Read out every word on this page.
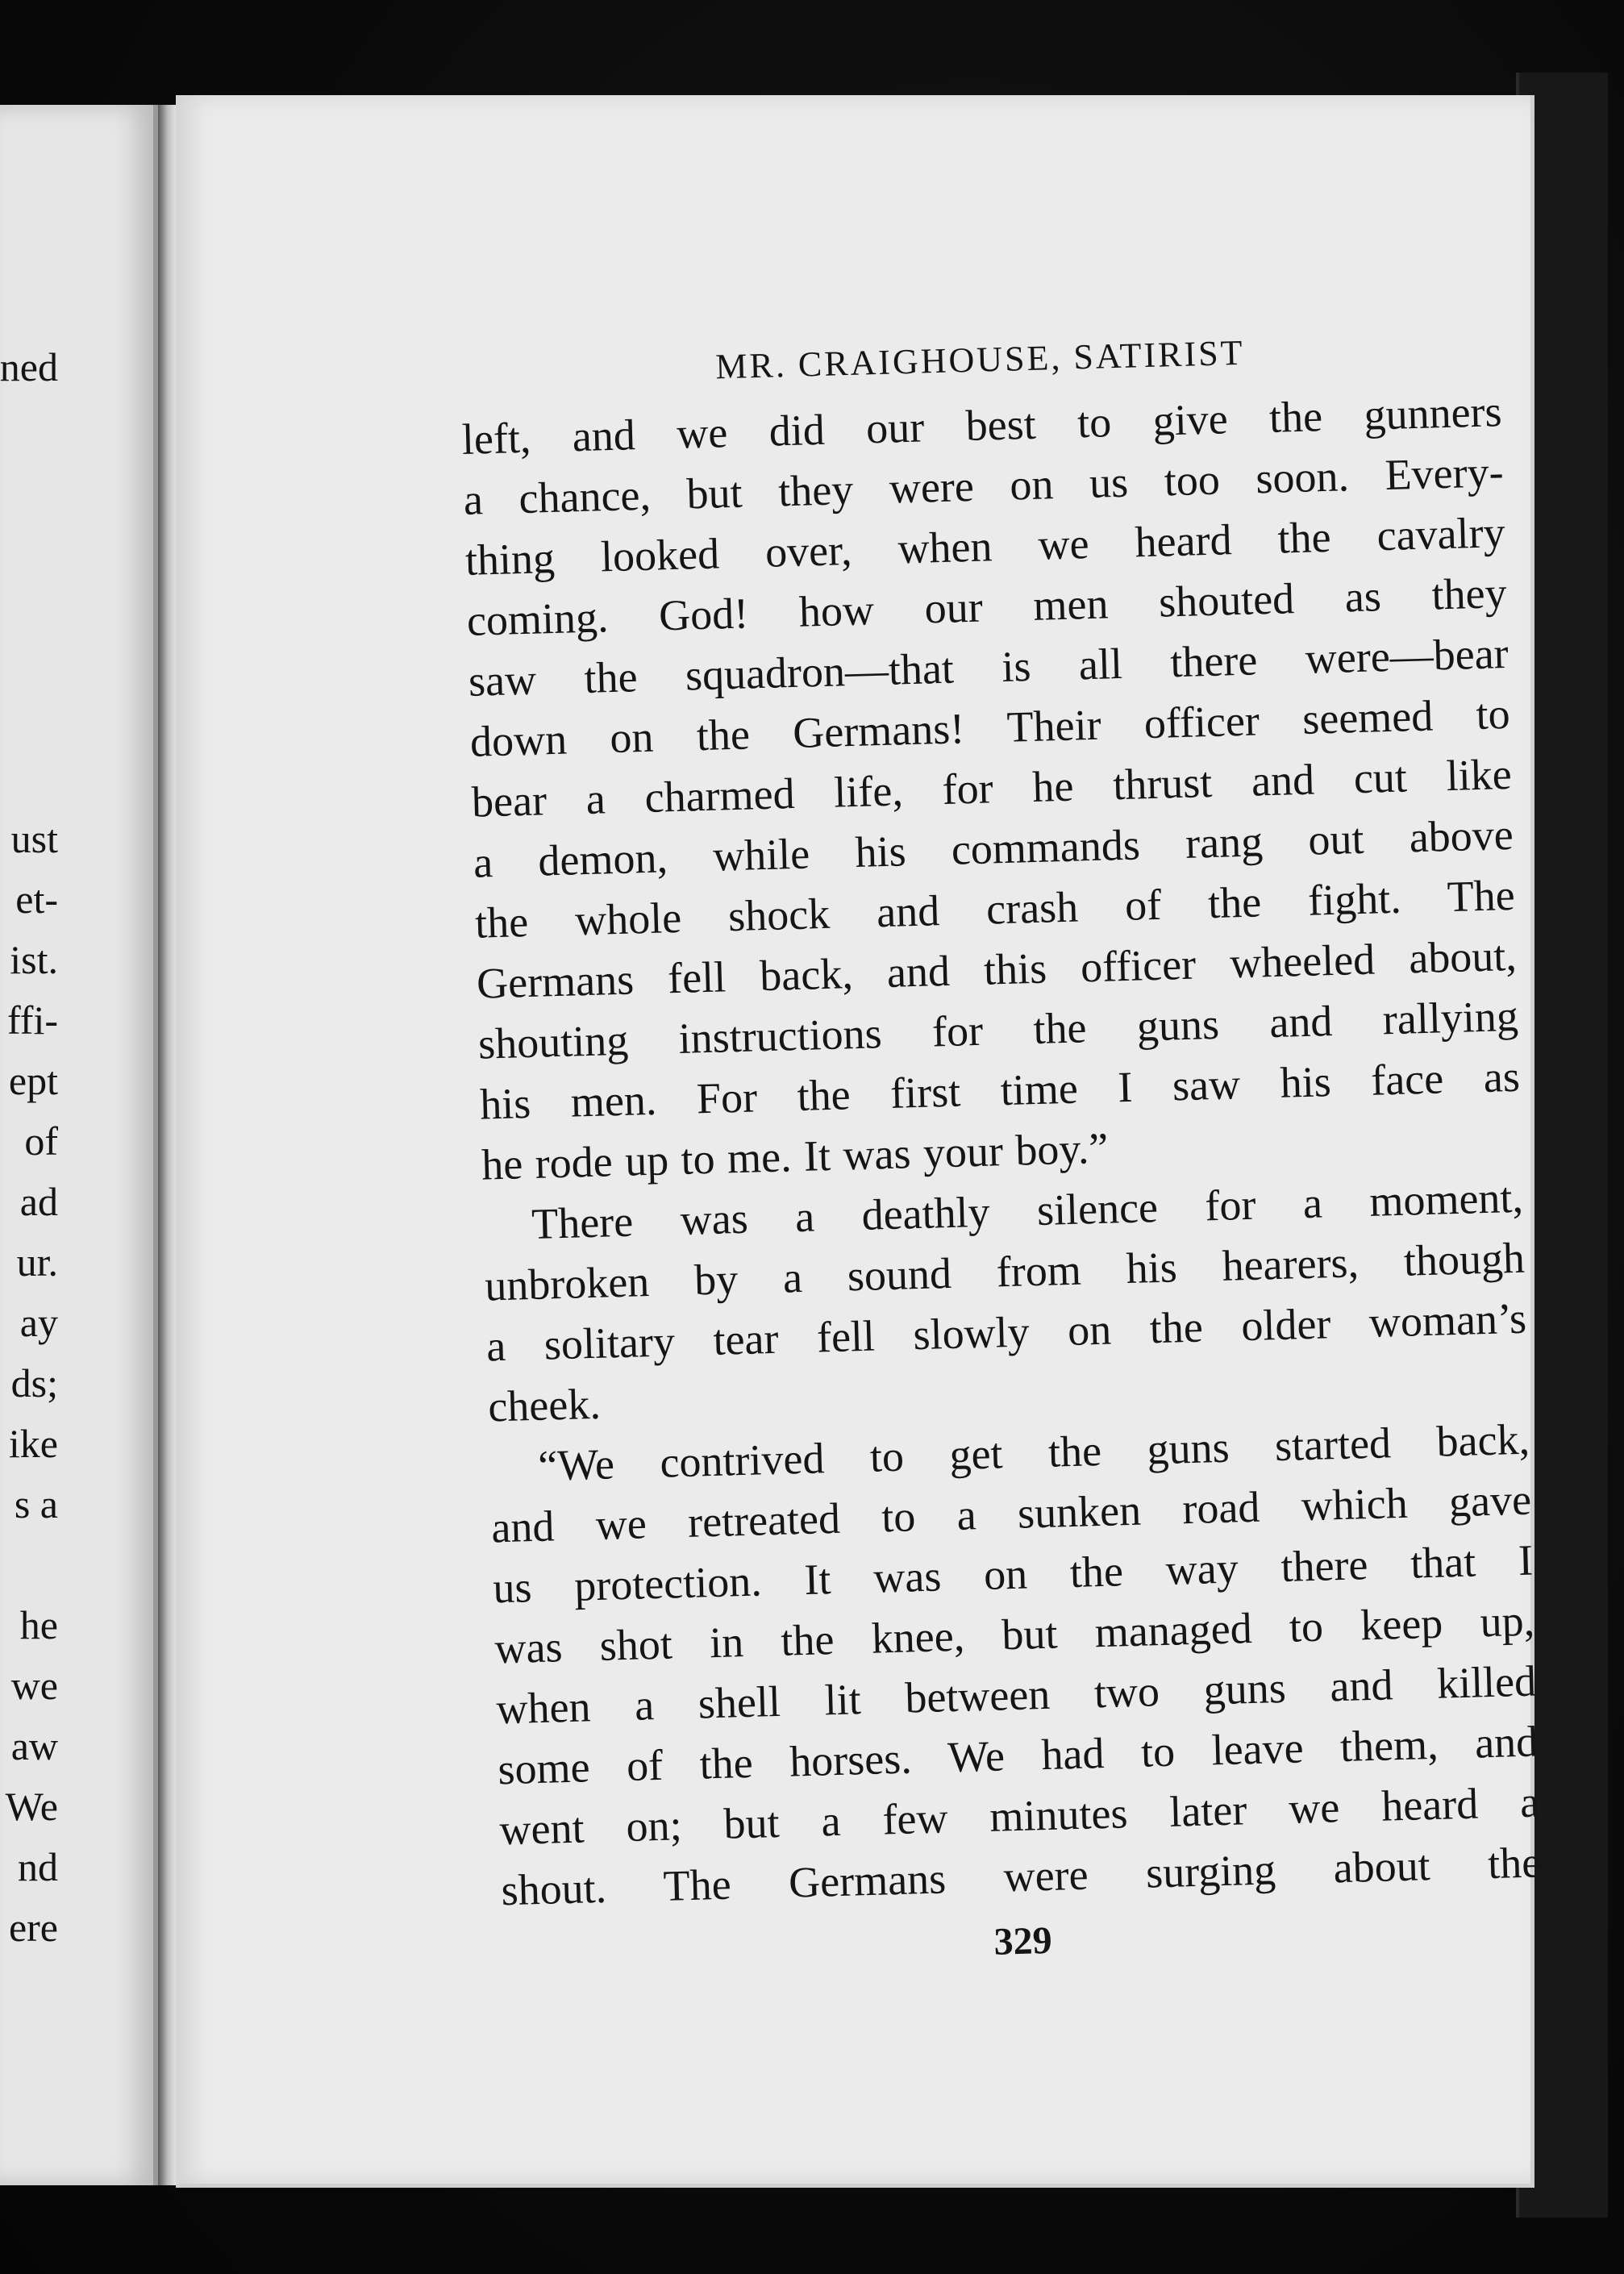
ned
ust
et-
ist.
ffi-
ept
of
ad
ur.
ay
ds;
ike
s a
he
we
aw
We
nd
ere
MR. CRAIGHOUSE, SATIRIST
left, and we did our best to give the gunners
a chance, but they were on us too soon. Every-
thing looked over, when we heard the cavalry
coming. God! how our men shouted as they
saw the squadron—that is all there were—bear
down on the Germans! Their officer seemed to
bear a charmed life, for he thrust and cut like
a demon, while his commands rang out above
the whole shock and crash of the fight. The
Germans fell back, and this officer wheeled about,
shouting instructions for the guns and rallying
his men. For the first time I saw his face as
he rode up to me. It was your boy.”
There was a deathly silence for a moment,
unbroken by a sound from his hearers, though
a solitary tear fell slowly on the older woman’s
cheek.
“We contrived to get the guns started back,
and we retreated to a sunken road which gave
us protection. It was on the way there that I
was shot in the knee, but managed to keep up,
when a shell lit between two guns and killed
some of the horses. We had to leave them, and
went on; but a few minutes later we heard a
shout. The Germans were surging about the
329
